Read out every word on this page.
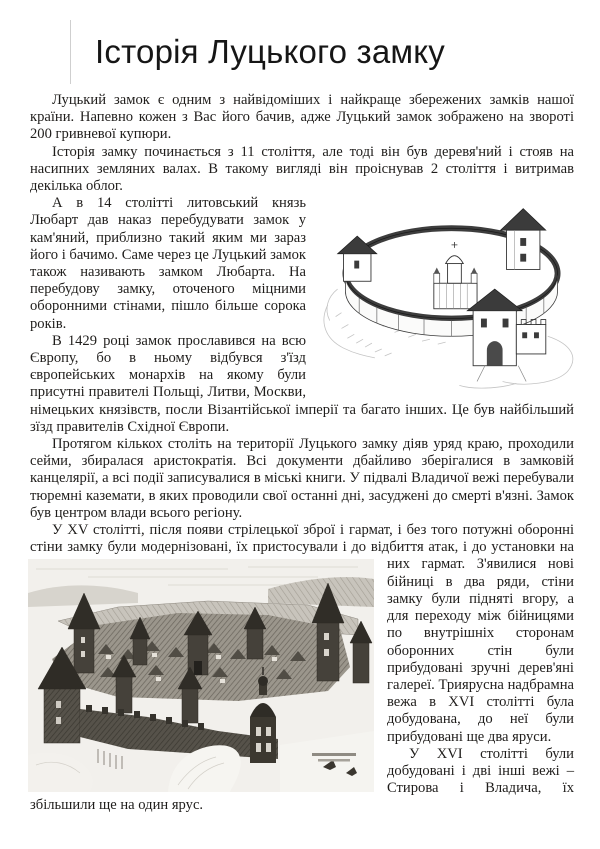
Історія Луцького замку

Луцький замок є одним з найвідоміших і найкраще збережених замків нашої країни. Напевно кожен з Вас його бачив, адже Луцький замок зображено на звороті 200 гривневої купюри.

Історія замку починається з 11 століття, але тоді він був деревя'ний і стояв на насипних земляних валах. В такому вигляді він проіснував 2 століття і витримав декілька облог.

А в 14 столітті литовський князь Любарт дав наказ перебудувати замок у кам'яний, приблизно такий яким ми зараз його і бачимо. Саме через це Луцький замок також називають замком Любарта. На перебудову замку, оточеного міцними оборонними стінами, пішло більше сорока років.

В 1429 році замок прославився на всю Європу, бо в ньому відбувся з'їзд європейських монархів на якому були присутні правителі Польщі, Литви, Москви, німецьких князівств, посли Візантійської імперії та багато інших. Це був найбільший зїзд правителів Східної Європи.

Протягом кількох століть на території Луцького замку діяв уряд краю, проходили сейми, збиралася аристократія. Всі документи дбайливо зберігалися в замковій канцелярії, а всі події записувалися в міські книги. У підвалі Владичої вежі перебували тюремні каземати, в яких проводили свої останні дні, засуджені до смерті в'язні. Замок був центром влади всього регіону.

У XV столітті, після появи стрілецької зброї і гармат, і без того потужні оборонні стіни замку були модернізовані, їх пристосували і до відбиття атак, і до установки на
них гармат. З'явилися нові бійниці в два ряди, стіни замку були підняті вгору, а для переходу між бійницями по внутрішніх сторонам оборонних стін були прибудовані зручні дерев'яні галереї. Триярусна надбрамна вежа в XVI столітті була добудована, до неї були прибудовані ще два яруси.

У XVI столітті були добудовані і дві інші вежі – Стирова і Владича, їх збільшили ще на один ярус.
